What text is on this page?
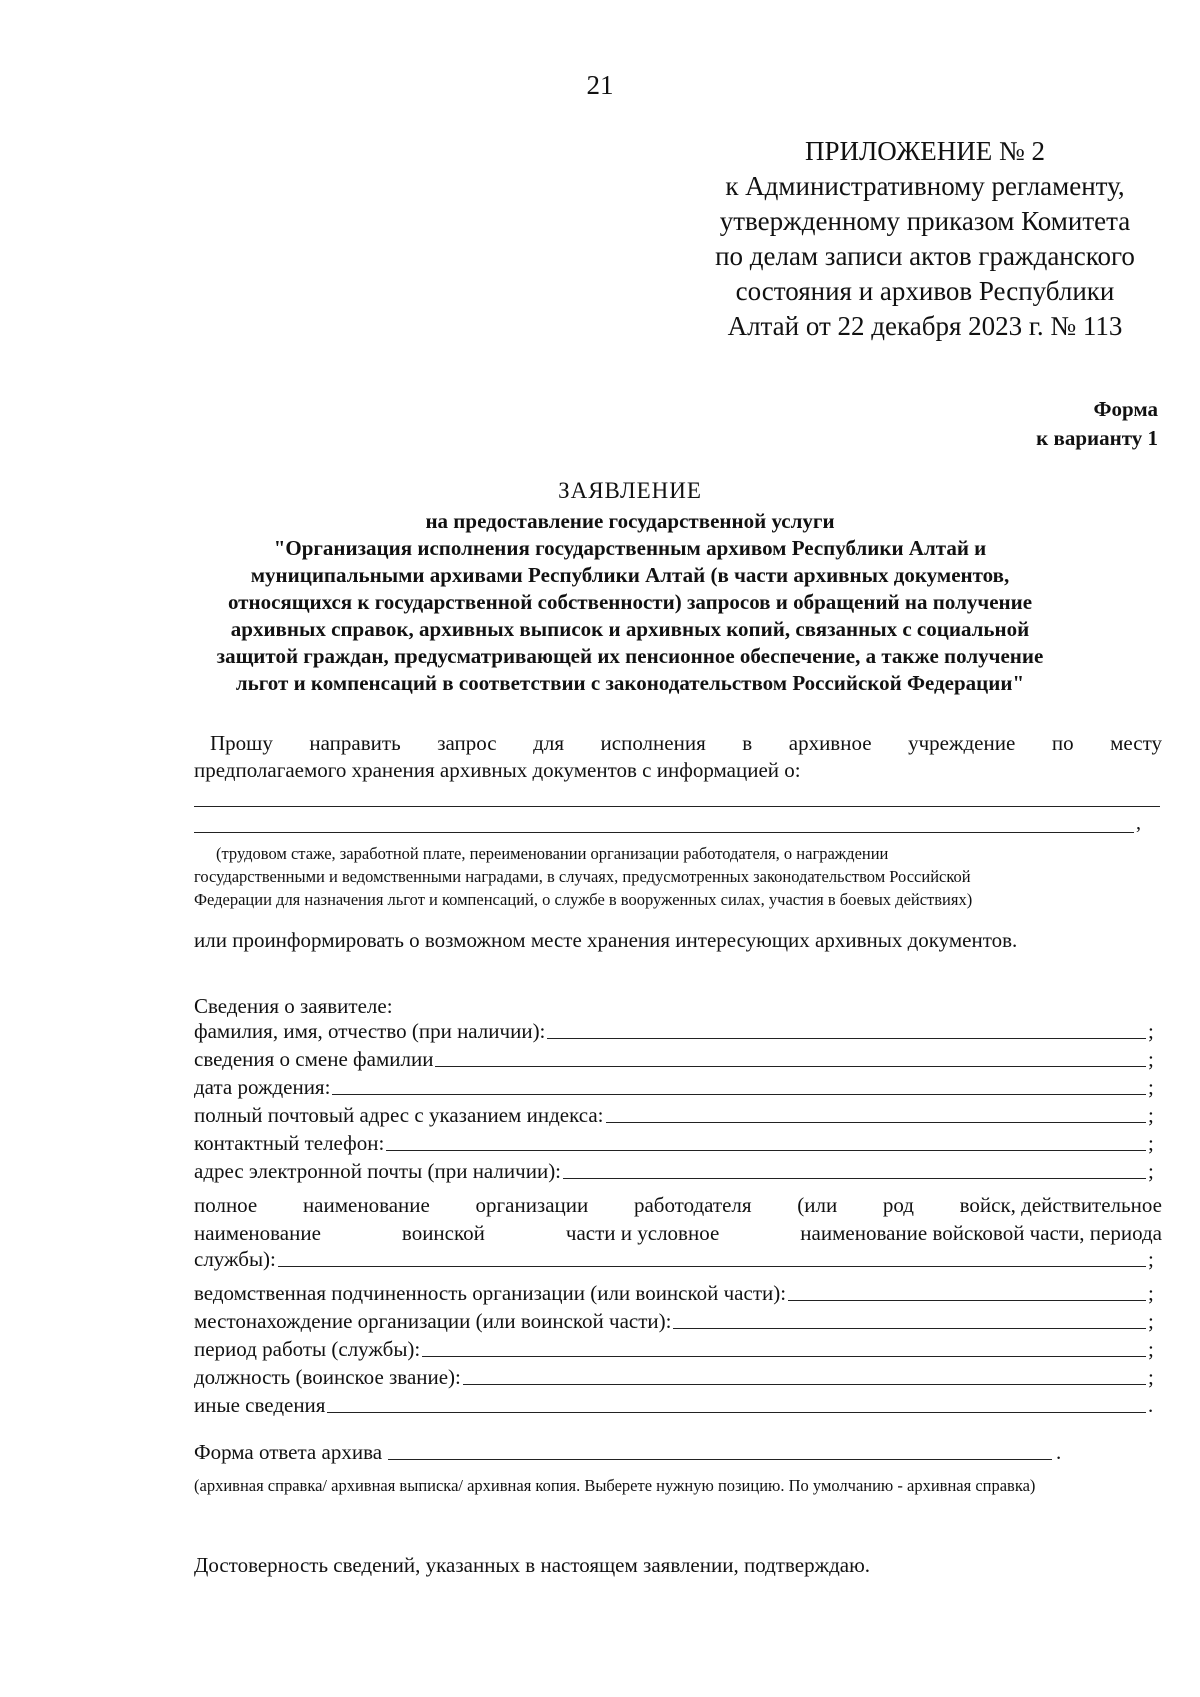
21
ПРИЛОЖЕНИЕ № 2
к Административному регламенту,
утвержденному приказом Комитета
по делам записи актов гражданского
состояния и архивов Республики
Алтай от 22 декабря 2023 г. № 113
Форма
к варианту 1
ЗАЯВЛЕНИЕ
на предоставление государственной услуги
"Организация исполнения государственным архивом Республики Алтай и
муниципальными архивами Республики Алтай (в части архивных документов,
относящихся к государственной собственности) запросов и обращений на получение
архивных справок, архивных выписок и архивных копий, связанных с социальной
защитой граждан, предусматривающей их пенсионное обеспечение, а также получение
льгот и компенсаций в соответствии с законодательством Российской Федерации"
Прошу направить запрос для исполнения в архивное учреждение по месту
предполагаемого хранения архивных документов с информацией о:
,
(трудовом стаже, заработной плате, переименовании организации работодателя, о награждении
государственными и ведомственными наградами, в случаях, предусмотренных законодательством Российской
Федерации для назначения льгот и компенсаций, о службе в вооруженных силах, участия в боевых действиях)
или проинформировать о возможном месте хранения интересующих архивных документов.
Сведения о заявителе:
фамилия, имя, отчество (при наличии):	;
сведения о смене фамилии	;
дата рождения:	;
полный почтовый адрес с указанием индекса:	;
контактный телефон:	;
адрес электронной почты (при наличии):	;
полное наименование организации работодателя (или род войск, действительное
наименование	воинской	части и условное	наименование войсковой части, периода
службы):	;
ведомственная подчиненность организации (или воинской части):	;
местонахождение организации (или воинской части):	;
период работы (службы):	;
должность (воинское звание):	;
иные сведения	.
Форма ответа архива	.
(архивная справка/ архивная выписка/ архивная копия. Выберете нужную позицию. По умолчанию - архивная справка)
Достоверность сведений, указанных в настоящем заявлении, подтверждаю.
